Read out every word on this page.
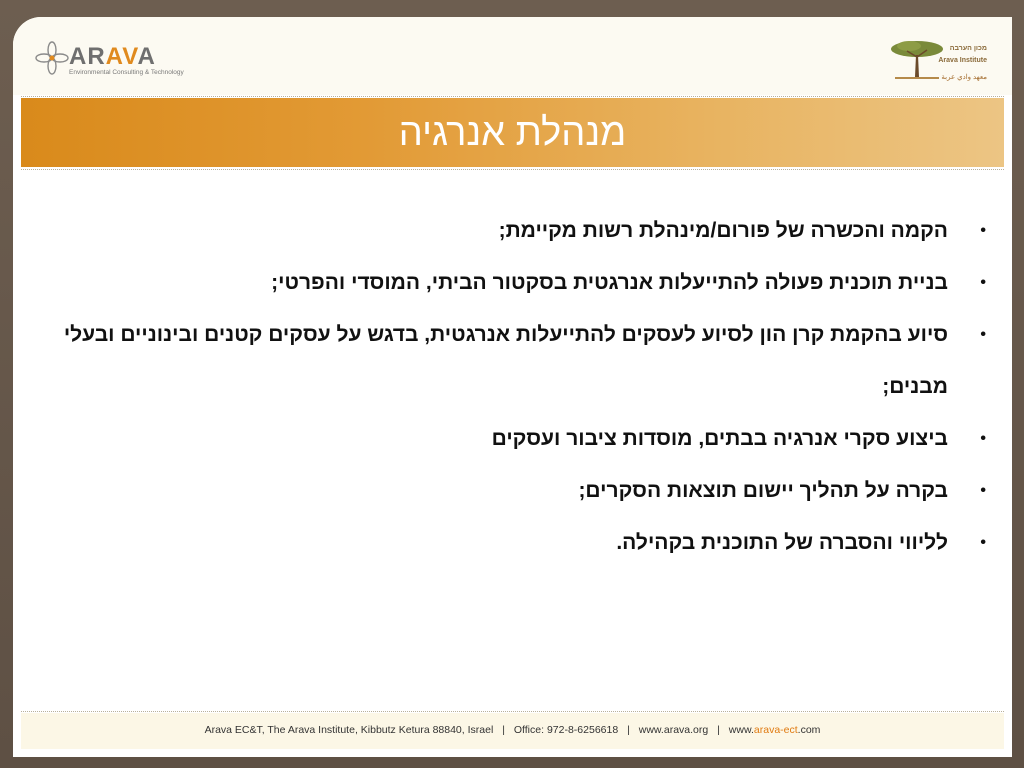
ARAVA
Environmental Consulting & Technology
מכון הערבה
Arava Institute
معهد وادي عربة
מנהלת אנרגיה
•
הקמה והכשרה של פורום/מינהלת רשות מקיימת;
•
בניית תוכנית פעולה להתייעלות אנרגטית בסקטור הביתי, המוסדי והפרטי;
•
סיוע בהקמת קרן הון לסיוע לעסקים להתייעלות אנרגטית, בדגש על עסקים קטנים ובינוניים ובעלי מבנים;
•
ביצוע סקרי אנרגיה בבתים, מוסדות ציבור ועסקים
•
בקרה על תהליך יישום תוצאות הסקרים;
•
לליווי והסברה של התוכנית בקהילה.
Arava EC&T, The Arava Institute, Kibbutz Ketura 88840, Israel | Office: 972-8-6256618 | www.arava.org | www.arava-ect.com
